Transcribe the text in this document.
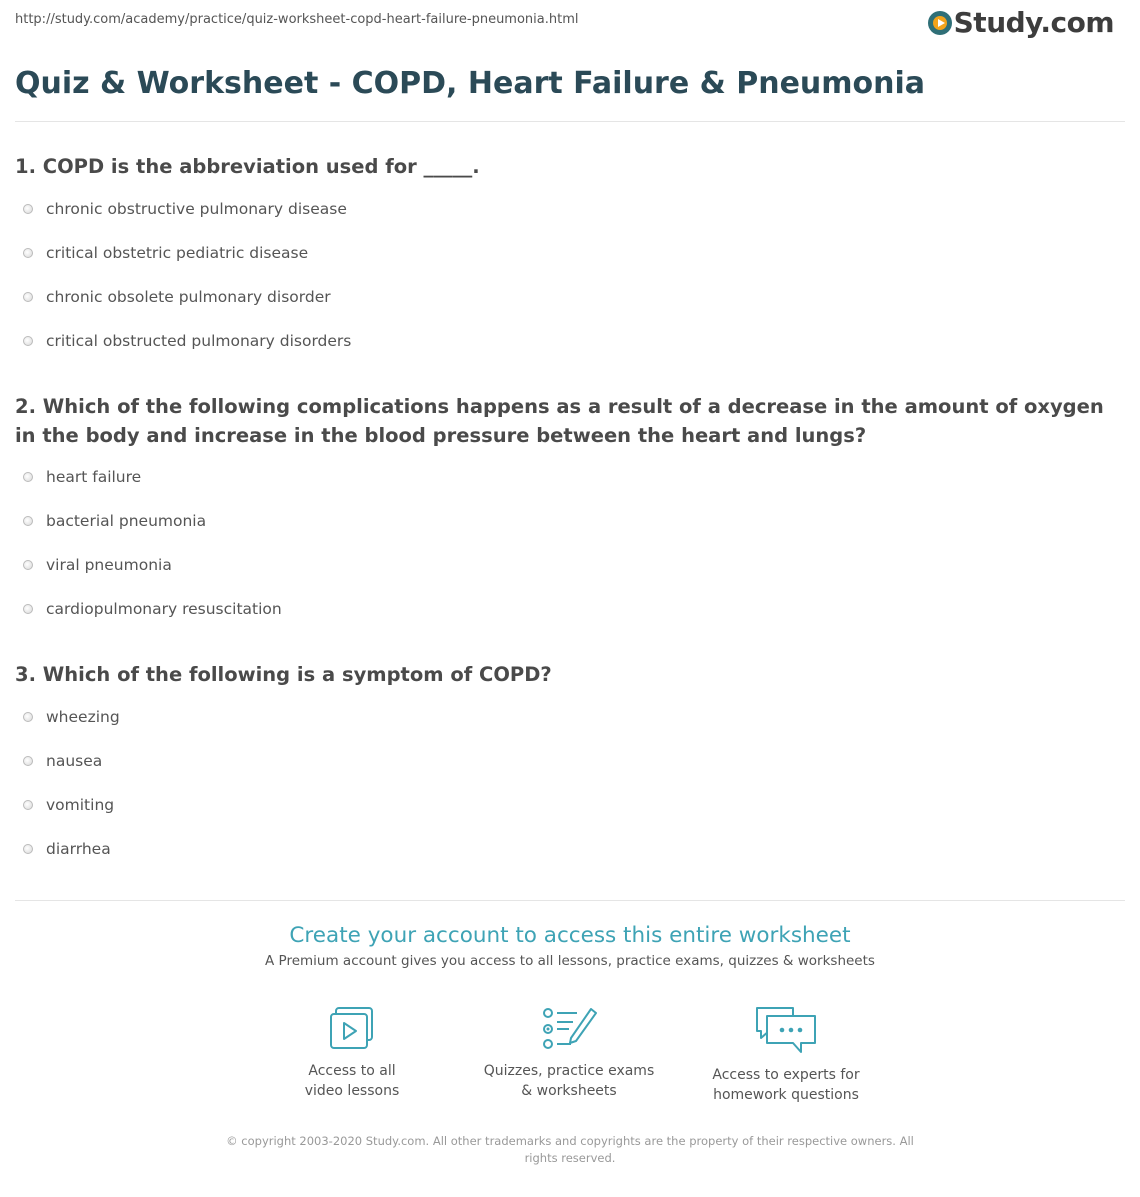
http://study.com/academy/practice/quiz-worksheet-copd-heart-failure-pneumonia.html	Study.com
Quiz & Worksheet - COPD, Heart Failure & Pneumonia

1. COPD is the abbreviation used for _____.

chronic obstructive pulmonary disease
critical obstetric pediatric disease
chronic obsolete pulmonary disorder
critical obstructed pulmonary disorders

2. Which of the following complications happens as a result of a decrease in the amount of oxygen in the body and increase in the blood pressure between the heart and lungs?

heart failure
bacterial pneumonia
viral pneumonia
cardiopulmonary resuscitation

3. Which of the following is a symptom of COPD?

wheezing
nausea
vomiting
diarrhea
Create your account to access this entire worksheet
A Premium account gives you access to all lessons, practice exams, quizzes & worksheets
Access to all
video lessons
Quizzes, practice exams
& worksheets
Access to experts for
homework questions
© copyright 2003-2020 Study.com. All other trademarks and copyrights are the property of their respective owners. All rights reserved.
